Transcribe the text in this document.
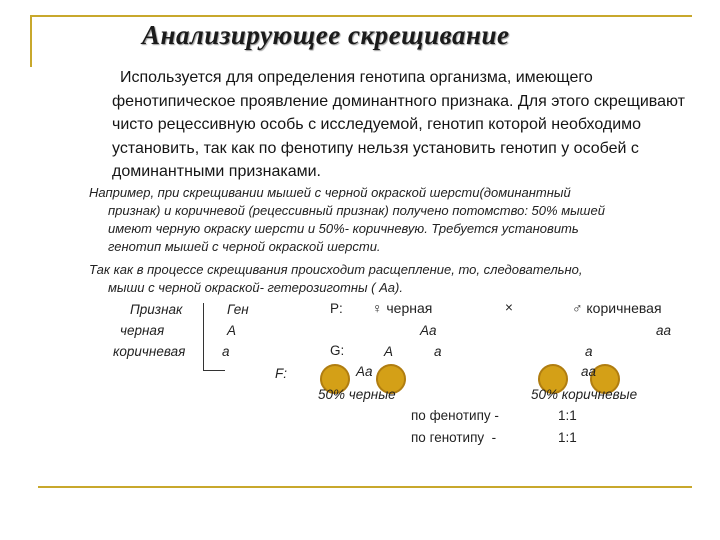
Анализирующее скрещивание
Используется для определения генотипа организма, имеющего фенотипическое проявление доминантного признака. Для этого скрещивают чисто рецессивную особь с исследуемой, генотип которой необходимо установить, так как по фенотипу нельзя установить генотип у особей с доминантными признаками.
Например, при скрещивании мышей с черной окраской шерсти(доминантный
признак) и коричневой (рецессивный признак) получено потомство: 50% мышей
имеют черную окраску шерсти и 50%- коричневую. Требуется установить
генотип мышей с черной окраской шерсти.
Так как в процессе скрещивания происходит расщепление, то, следовательно,
мыши с черной окраской- гетерозиготны ( Аа).
Признак	Ген
черная	А
коричневая	а
P: ♀ черная	×	♂ коричневая
Аа	аа
G:	А	а	а
F:	Аа	аа
50% черные	50% коричневые
по фенотипу -	1:1
по генотипу  -	1:1
